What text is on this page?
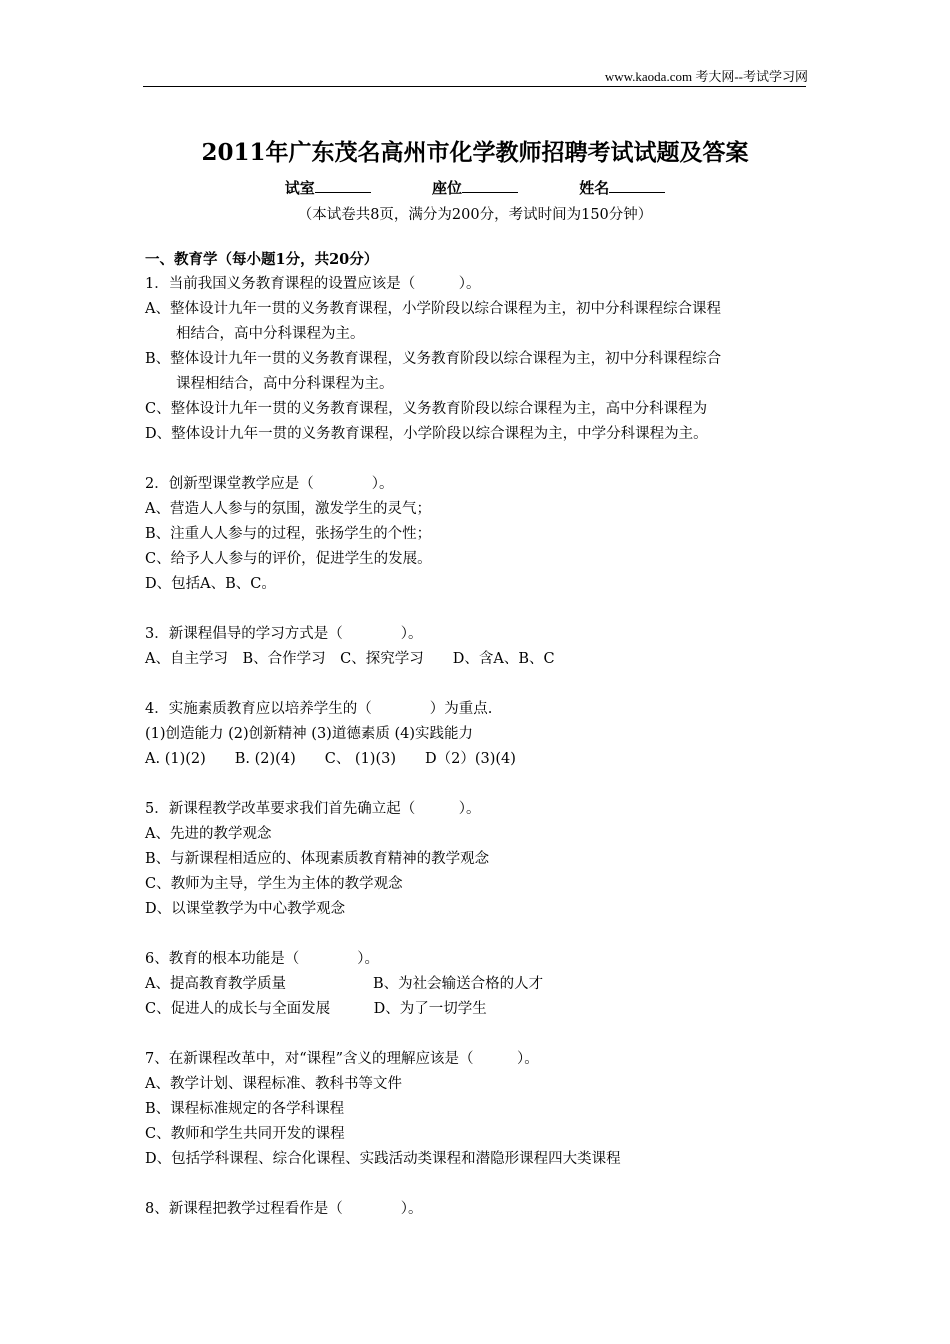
www.kaoda.com 考大网--考试学习网
2011年广东茂名高州市化学教师招聘考试试题及答案
试室	座位	姓名
（本试卷共8页，满分为200分，考试时间为150分钟）
一、教育学（每小题1分，共20分）
1．当前我国义务教育课程的设置应该是（　　　）。
A、整体设计九年一贯的义务教育课程，小学阶段以综合课程为主，初中分科课程综合课程
相结合，高中分科课程为主。
B、整体设计九年一贯的义务教育课程，义务教育阶段以综合课程为主，初中分科课程综合
课程相结合，高中分科课程为主。
C、整体设计九年一贯的义务教育课程，义务教育阶段以综合课程为主，高中分科课程为
D、整体设计九年一贯的义务教育课程，小学阶段以综合课程为主，中学分科课程为主。
2．创新型课堂教学应是（　　　　）。
A、营造人人参与的氛围，激发学生的灵气；
B、注重人人参与的过程，张扬学生的个性；
C、给予人人参与的评价，促进学生的发展。
D、包括A、B、C。
3．新课程倡导的学习方式是（　　　　）。
A、自主学习　B、合作学习　C、探究学习　　D、含A、B、C
4．实施素质教育应以培养学生的（　　　　）为重点.
(1)创造能力 (2)创新精神 (3)道德素质 (4)实践能力
A. (1)(2)　　B. (2)(4)　　C、 (1)(3)　　D（2）(3)(4)
5．新课程教学改革要求我们首先确立起（　　　）。
A、先进的教学观念
B、与新课程相适应的、体现素质教育精神的教学观念
C、教师为主导，学生为主体的教学观念
D、以课堂教学为中心教学观念
6、教育的根本功能是（　　　　）。
A、提高教育教学质量　　　　　　B、为社会输送合格的人才
C、促进人的成长与全面发展　　　D、为了一切学生
7、在新课程改革中，对“课程”含义的理解应该是（　　　）。
A、教学计划、课程标准、教科书等文件
B、课程标准规定的各学科课程
C、教师和学生共同开发的课程
D、包括学科课程、综合化课程、实践活动类课程和潜隐形课程四大类课程
8、新课程把教学过程看作是（　　　　）。
